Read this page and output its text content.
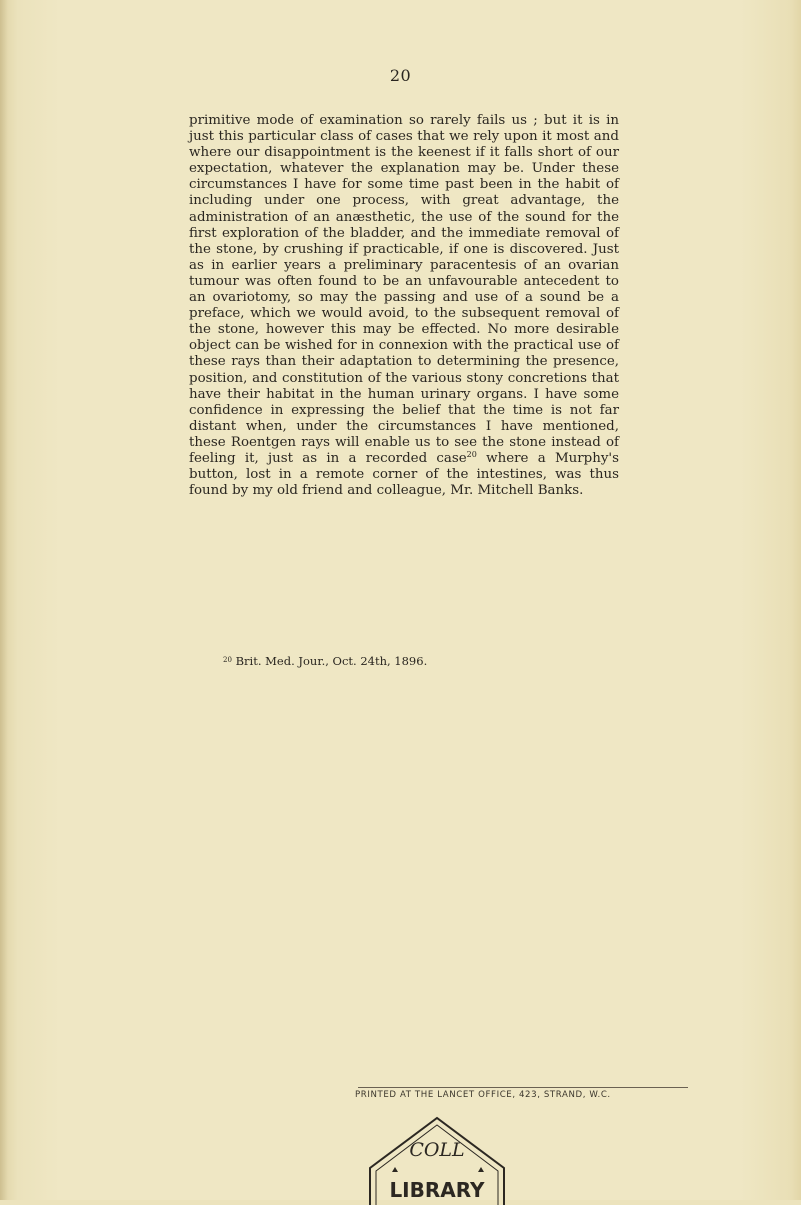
20

primitive mode of examination so rarely fails us ; but it is in just this particular class of cases that we rely upon it most and where our disappointment is the keenest if it falls short of our expectation, whatever the explanation may be. Under these circumstances I have for some time past been in the habit of including under one process, with great advantage, the administration of an anæsthetic, the use of the sound for the first exploration of the bladder, and the immediate removal of the stone, by crushing if practicable, if one is discovered. Just as in earlier years a preliminary paracentesis of an ovarian tumour was often found to be an unfavourable antecedent to an ovariotomy, so may the passing and use of a sound be a preface, which we would avoid, to the subsequent removal of the stone, however this may be effected. No more desirable object can be wished for in connexion with the practical use of these rays than their adaptation to determining the presence, position, and constitution of the various stony concretions that have their habitat in the human urinary organs. I have some confidence in expressing the belief that the time is not far distant when, under the circumstances I have mentioned, these Roentgen rays will enable us to see the stone instead of feeling it, just as in a recorded case$^{20}$ where a Murphy's button, lost in a remote corner of the intestines, was thus found by my old friend and colleague, Mr. Mitchell Banks.

$^{20}$ Brit. Med. Jour., Oct. 24th, 1896.
PRINTED AT THE LANCET OFFICE, 423, STRAND, W.C.
COLL
LIBRARY
